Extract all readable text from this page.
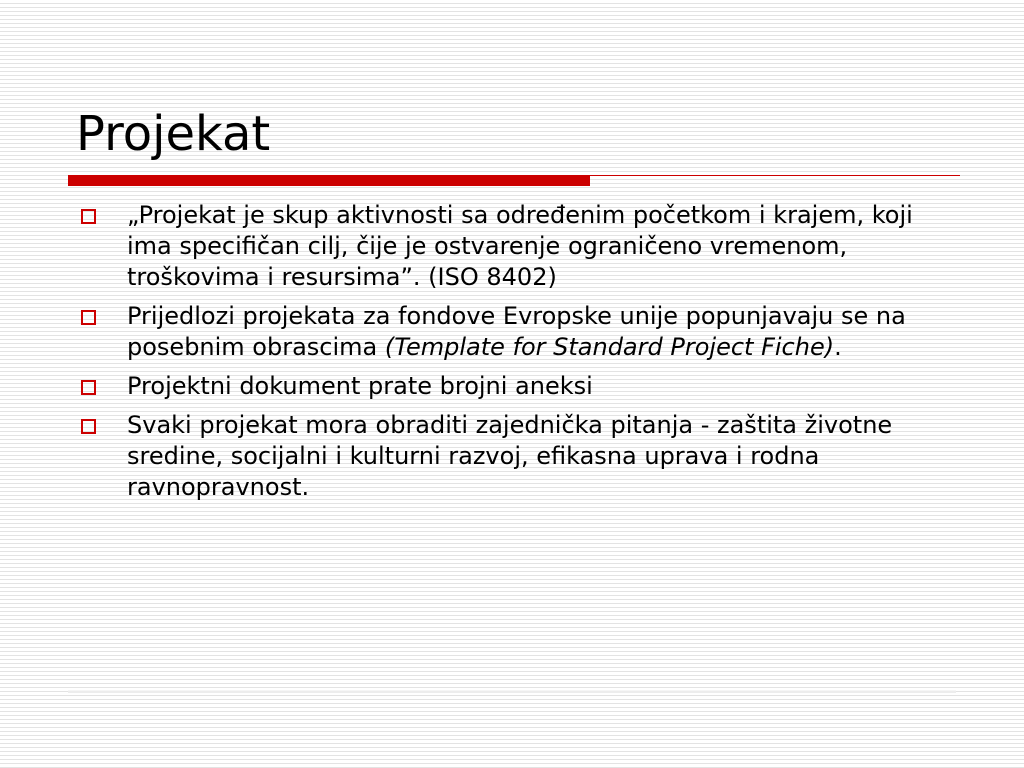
Projekat
„Projekat je skup aktivnosti sa određenim početkom i krajem, koji ima specifičan cilj, čije je ostvarenje ograničeno vremenom, troškovima i resursima”. (ISO 8402)
Prijedlozi projekata za fondove Evropske unije popunjavaju se na posebnim obrascima (Template for Standard Project Fiche).
Projektni dokument prate brojni aneksi
Svaki projekat mora obraditi zajednička pitanja - zaštita životne sredine, socijalni i kulturni razvoj, efikasna uprava i rodna ravnopravnost.
